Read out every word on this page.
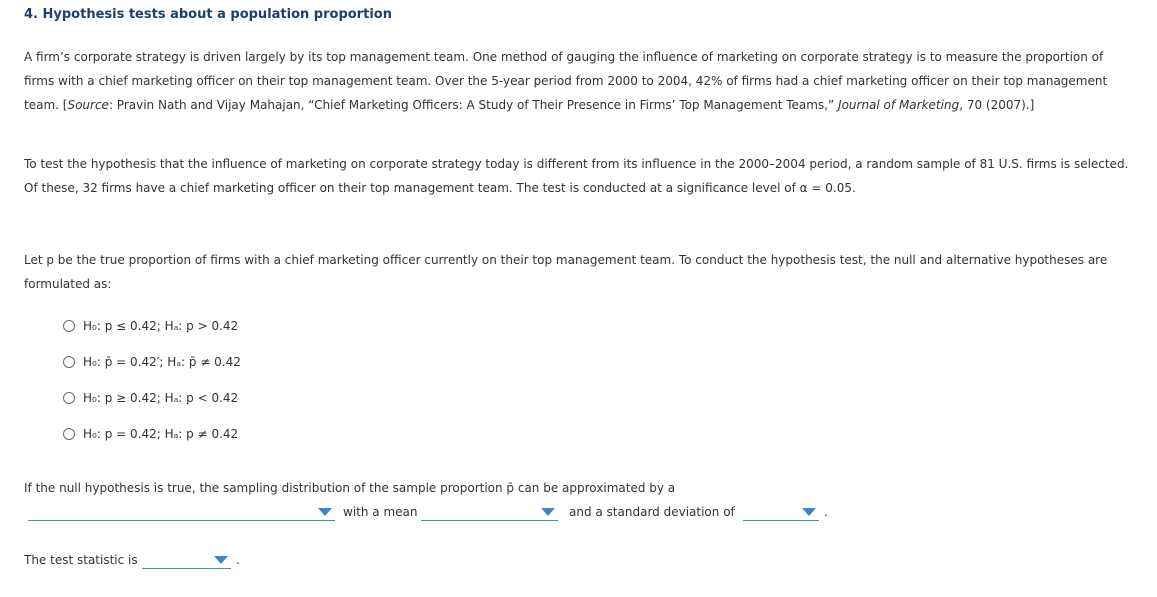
4. Hypothesis tests about a population proportion

A firm’s corporate strategy is driven largely by its top management team. One method of gauging the influence of marketing on corporate strategy is to measure the proportion of firms with a chief marketing officer on their top management team. Over the 5-year period from 2000 to 2004, 42% of firms had a chief marketing officer on their top management team. [Source: Pravin Nath and Vijay Mahajan, “Chief Marketing Officers: A Study of Their Presence in Firms’ Top Management Teams,” Journal of Marketing, 70 (2007).]

To test the hypothesis that the influence of marketing on corporate strategy today is different from its influence in the 2000–2004 period, a random sample of 81 U.S. firms is selected. Of these, 32 firms have a chief marketing officer on their top management team. The test is conducted at a significance level of α = 0.05.

Let p be the true proportion of firms with a chief marketing officer currently on their top management team. To conduct the hypothesis test, the null and alternative hypotheses are formulated as:

H₀: p ≤ 0.42; Hₐ: p > 0.42
H₀: p̄ = 0.42′; Hₐ: p̄ ≠ 0.42
H₀: p ≥ 0.42; Hₐ: p < 0.42
H₀: p = 0.42; Hₐ: p ≠ 0.42
If the null hypothesis is true, the sampling distribution of the sample proportion p̄ can be approximated by a
with a mean	and a standard deviation of	.
The test statistic is	.
